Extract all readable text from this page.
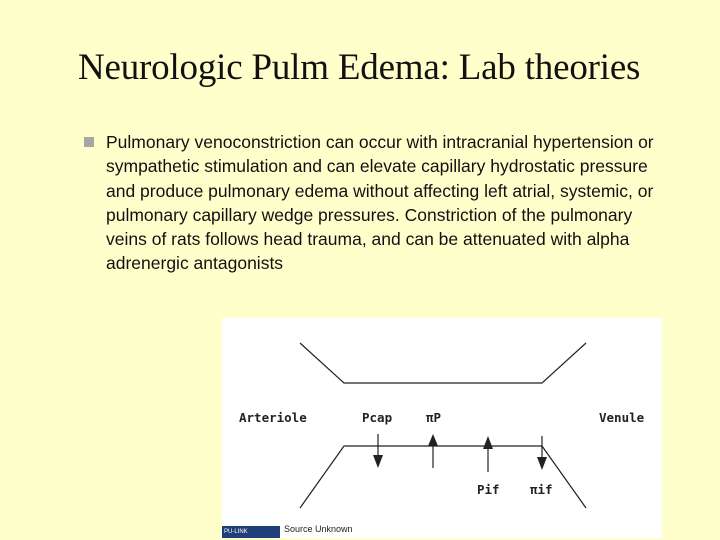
Neurologic Pulm Edema: Lab theories
Pulmonary venoconstriction can occur with intracranial hypertension or sympathetic stimulation and can elevate capillary hydrostatic pressure and produce pulmonary edema without affecting left atrial, systemic, or pulmonary capillary wedge pressures. Constriction of the pulmonary veins of rats follows head trauma, and can be attenuated with alpha adrenergic antagonists
Arteriole	Pcap	πP	Venule
Pif πif
PU-LINK	Source Unknown
